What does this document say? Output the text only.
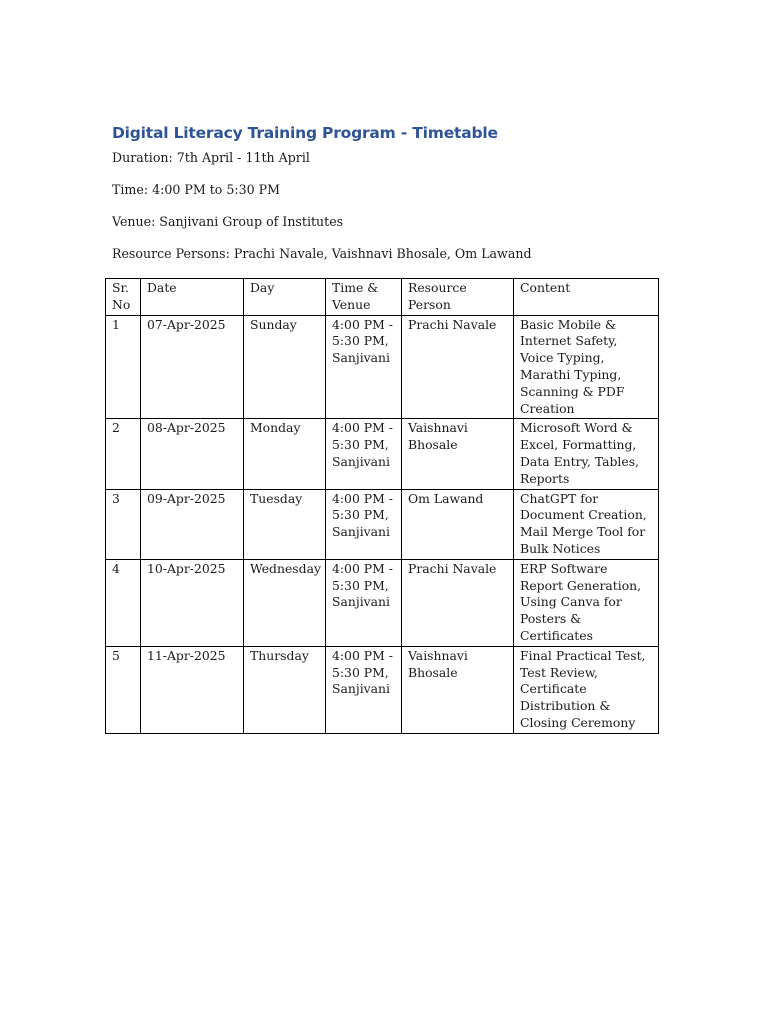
Digital Literacy Training Program - Timetable
Duration: 7th April - 11th April
Time: 4:00 PM to 5:30 PM
Venue: Sanjivani Group of Institutes
Resource Persons: Prachi Navale, Vaishnavi Bhosale, Om Lawand
Sr. No	Date	Day	Time & Venue	Resource Person	Content
1	07-Apr-2025	Sunday	4:00 PM - 5:30 PM, Sanjivani	Prachi Navale	Basic Mobile & Internet Safety, Voice Typing, Marathi Typing, Scanning & PDF Creation
2	08-Apr-2025	Monday	4:00 PM - 5:30 PM, Sanjivani	Vaishnavi Bhosale	Microsoft Word & Excel, Formatting, Data Entry, Tables, Reports
3	09-Apr-2025	Tuesday	4:00 PM - 5:30 PM, Sanjivani	Om Lawand	ChatGPT for Document Creation, Mail Merge Tool for Bulk Notices
4	10-Apr-2025	Wednesday	4:00 PM - 5:30 PM, Sanjivani	Prachi Navale	ERP Software Report Generation, Using Canva for Posters & Certificates
5	11-Apr-2025	Thursday	4:00 PM - 5:30 PM, Sanjivani	Vaishnavi Bhosale	Final Practical Test, Test Review, Certificate Distribution & Closing Ceremony
